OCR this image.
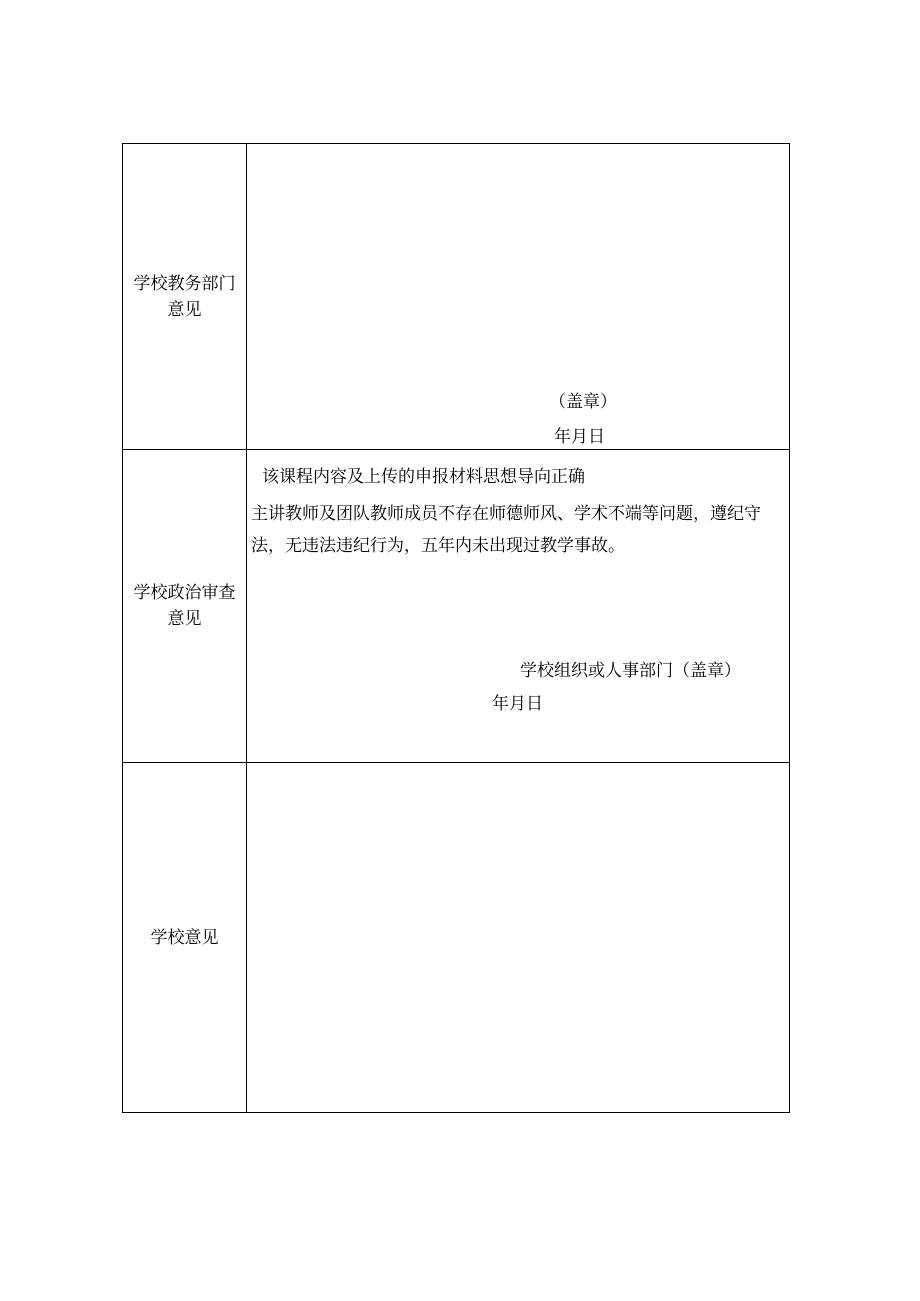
学校教务部门意见	（盖章）
年月日

学校政治审查意见	该课程内容及上传的申报材料思想导向正确
主讲教师及团队教师成员不存在师德师风、学术不端等问题，遵纪守法，无违法违纪行为，五年内未出现过教学事故。
学校组织或人事部门（盖章）
年月日

学校意见	
